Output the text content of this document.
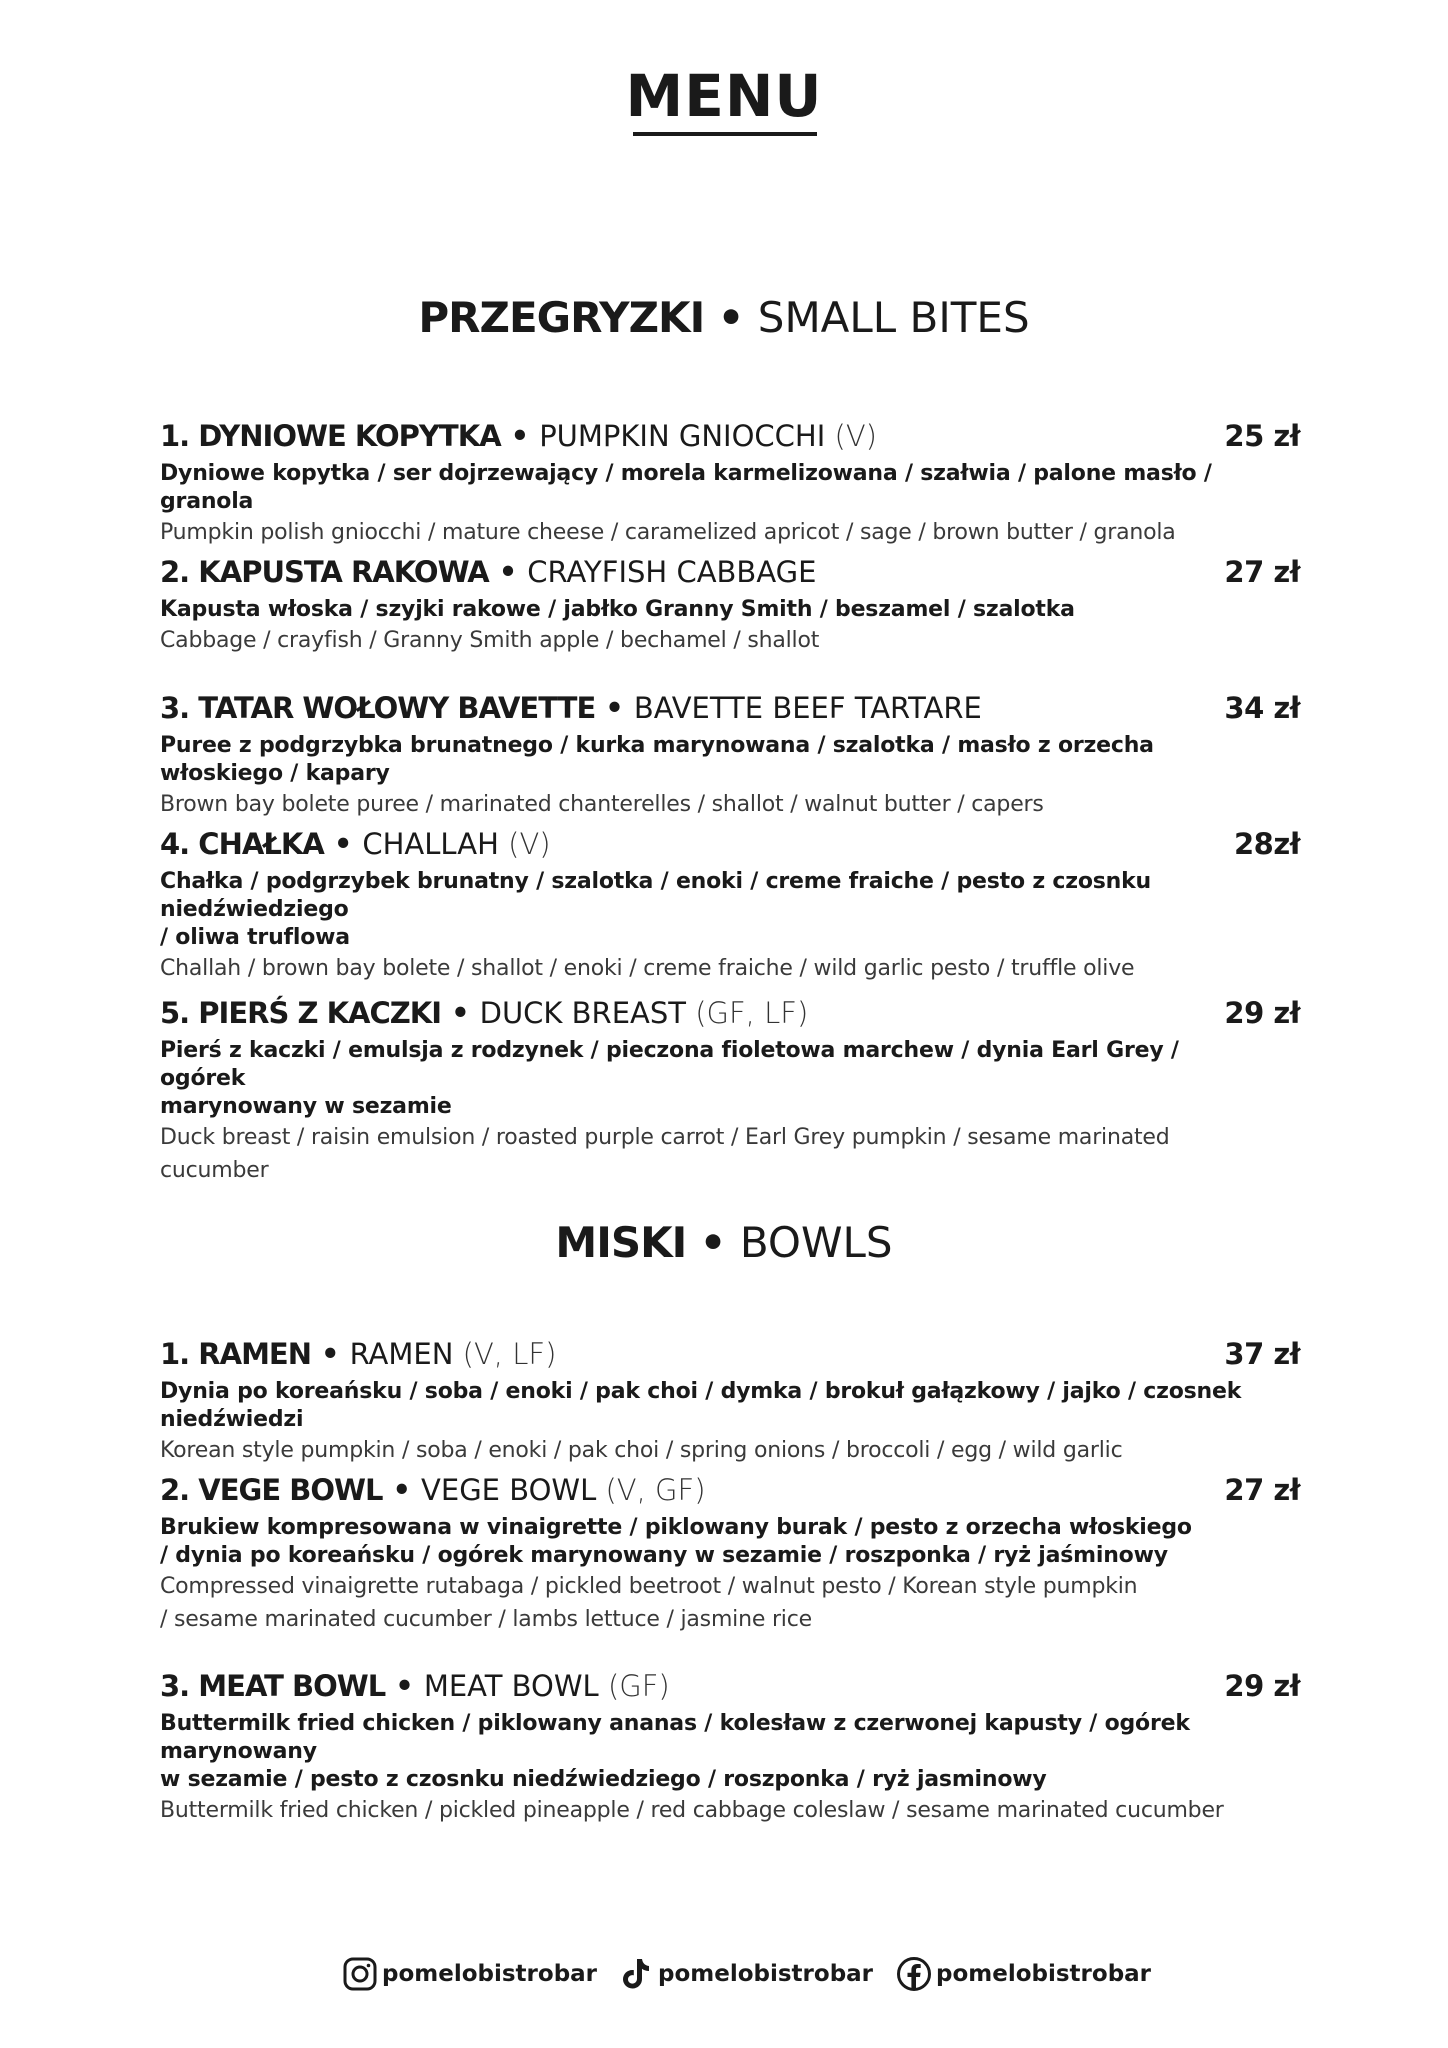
MENU
PRZEGRYZKI • SMALL BITES
1. DYNIOWE KOPYTKA • PUMPKIN GNIOCCHI (V)	25 zł
Dyniowe kopytka / ser dojrzewający / morela karmelizowana / szałwia / palone masło / granola
Pumpkin polish gniocchi / mature cheese / caramelized apricot / sage / brown butter / granola
2. KAPUSTA RAKOWA • CRAYFISH CABBAGE	27 zł
Kapusta włoska / szyjki rakowe / jabłko Granny Smith / beszamel / szalotka
Cabbage / crayfish / Granny Smith apple / bechamel / shallot
3. TATAR WOŁOWY BAVETTE • BAVETTE BEEF TARTARE	34 zł
Puree z podgrzybka brunatnego / kurka marynowana / szalotka / masło z orzecha włoskiego / kapary
Brown bay bolete puree / marinated chanterelles / shallot / walnut butter / capers
4. CHAŁKA • CHALLAH (V)	28zł
Chałka / podgrzybek brunatny / szalotka / enoki / creme fraiche / pesto z czosnku niedźwiedziego
/ oliwa truflowa
Challah / brown bay bolete / shallot / enoki / creme fraiche / wild garlic pesto / truffle olive
5. PIERŚ Z KACZKI • DUCK BREAST (GF, LF)	29 zł
Pierś z kaczki / emulsja z rodzynek / pieczona fioletowa marchew / dynia Earl Grey / ogórek
marynowany w sezamie
Duck breast / raisin emulsion / roasted purple carrot / Earl Grey pumpkin / sesame marinated
cucumber
MISKI • BOWLS
1. RAMEN • RAMEN (V, LF)	37 zł
Dynia po koreańsku / soba / enoki / pak choi / dymka / brokuł gałązkowy / jajko / czosnek niedźwiedzi
Korean style pumpkin / soba / enoki / pak choi / spring onions / broccoli / egg / wild garlic
2. VEGE BOWL • VEGE BOWL (V, GF)	27 zł
Brukiew kompresowana w vinaigrette / piklowany burak / pesto z orzecha włoskiego
/ dynia po koreańsku / ogórek marynowany w sezamie / roszponka / ryż jaśminowy
Compressed vinaigrette rutabaga / pickled beetroot / walnut pesto / Korean style pumpkin
/ sesame marinated cucumber / lambs lettuce / jasmine rice
3. MEAT BOWL • MEAT BOWL (GF)	29 zł
Buttermilk fried chicken / piklowany ananas / kolesław z czerwonej kapusty / ogórek marynowany
w sezamie / pesto z czosnku niedźwiedziego / roszponka / ryż jasminowy
Buttermilk fried chicken / pickled pineapple / red cabbage coleslaw / sesame marinated cucumber
pomelobistrobar	pomelobistrobar	pomelobistrobar
